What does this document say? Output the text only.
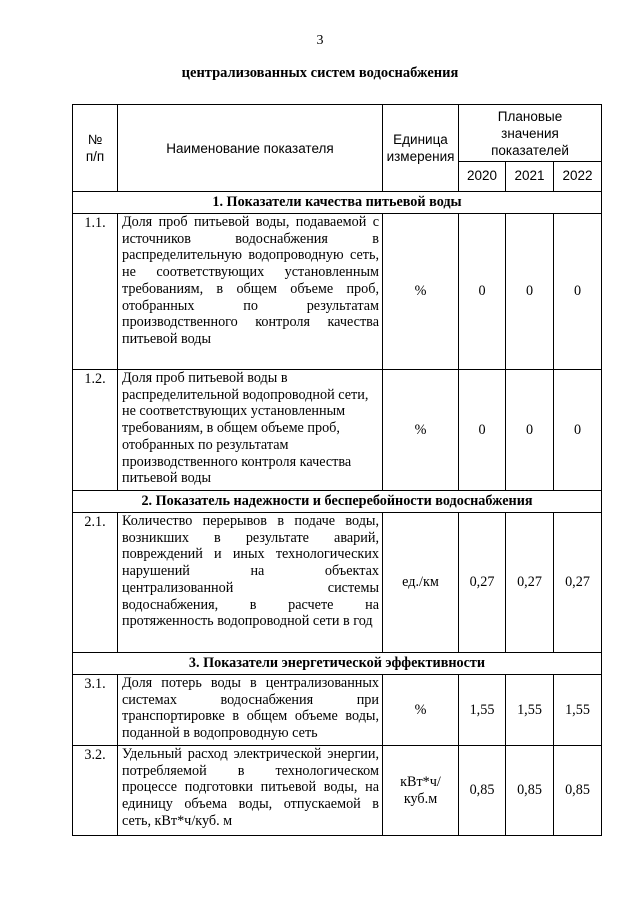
3
централизованных систем водоснабжения
№ п/п	Наименование показателя	Единица измерения	Плановые значения показателей		
			2020	2021	2022
1. Показатели качества питьевой воды					
1.1.	Доля проб питьевой воды, подаваемой с источников водоснабжения в распределительную водопроводную сеть, не соответствующих установленным требованиям, в общем объеме проб, отобранных по результатам производственного контроля качества питьевой воды	%	0	0	0
1.2.	Доля проб питьевой воды в распределительной водопроводной сети, не соответствующих установленным требованиям, в общем объеме проб, отобранных по результатам производственного контроля качества питьевой воды	%	0	0	0
2. Показатель надежности и бесперебойности водоснабжения					
2.1.	Количество перерывов в подаче воды, возникших в результате аварий, повреждений и иных технологических нарушений на объектах централизованной системы водоснабжения, в расчете на протяженность водопроводной сети в год	ед./км	0,27	0,27	0,27
3. Показатели энергетической эффективности					
3.1.	Доля потерь воды в централизованных системах водоснабжения при транспортировке в общем объеме воды, поданной в водопроводную сеть	%	1,55	1,55	1,55
3.2.	Удельный расход электрической энергии, потребляемой в технологическом процессе подготовки питьевой воды, на единицу объема воды, отпускаемой в сеть, кВт*ч/куб. м	кВт*ч/ куб.м	0,85	0,85	0,85
